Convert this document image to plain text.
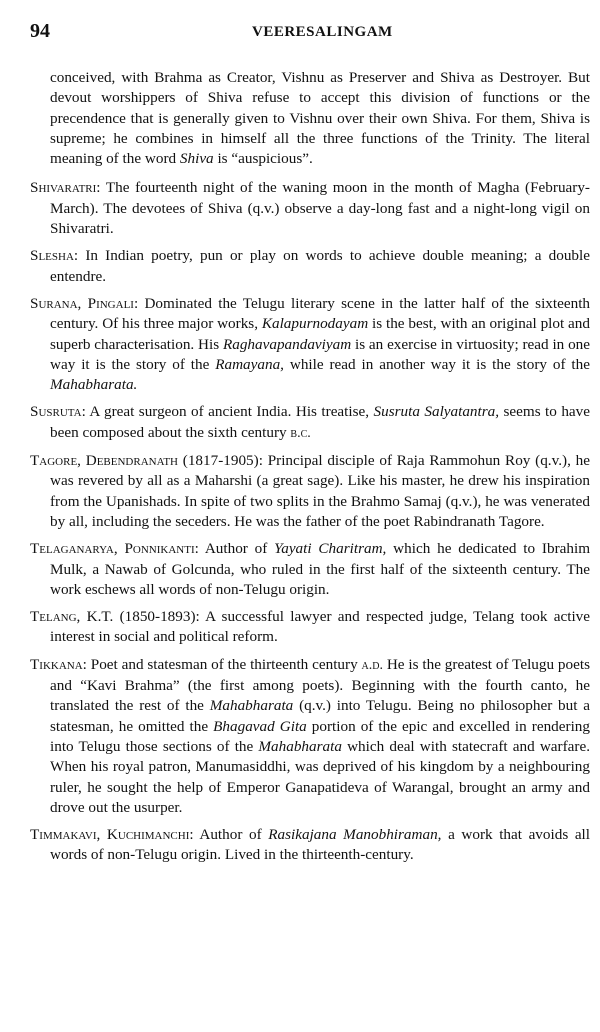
94	VEERESALINGAM

conceived, with Brahma as Creator, Vishnu as Preserver and Shiva as Destroyer. But devout worshippers of Shiva refuse to accept this division of functions or the precendence that is generally given to Vishnu over their own Shiva. For them, Shiva is supreme; he combines in himself all the three functions of the Trinity. The literal meaning of the word Shiva is “auspicious”.

Shivaratri: The fourteenth night of the waning moon in the month of Magha (February-March). The devotees of Shiva (q.v.) observe a day-long fast and a night-long vigil on Shivaratri.

Slesha: In Indian poetry, pun or play on words to achieve double meaning; a double entendre.

Surana, Pingali: Dominated the Telugu literary scene in the latter half of the sixteenth century. Of his three major works, Kalapurnodayam is the best, with an original plot and superb characterisation. His Raghavapandaviyam is an exercise in virtuosity; read in one way it is the story of the Ramayana, while read in another way it is the story of the Mahabharata.

Susruta: A great surgeon of ancient India. His treatise, Susruta Salyatantra, seems to have been composed about the sixth century b.c.

Tagore, Debendranath (1817-1905): Principal disciple of Raja Rammohun Roy (q.v.), he was revered by all as a Maharshi (a great sage). Like his master, he drew his inspiration from the Upanishads. In spite of two splits in the Brahmo Samaj (q.v.), he was venerated by all, including the seceders. He was the father of the poet Rabindranath Tagore.

Telaganarya, Ponnikanti: Author of Yayati Charitram, which he dedicated to Ibrahim Mulk, a Nawab of Golcunda, who ruled in the first half of the sixteenth century. The work eschews all words of non-Telugu origin.

Telang, K.T. (1850-1893): A successful lawyer and respected judge, Telang took active interest in social and political reform.

Tikkana: Poet and statesman of the thirteenth century a.d. He is the greatest of Telugu poets and “Kavi Brahma” (the first among poets). Beginning with the fourth canto, he translated the rest of the Mahabharata (q.v.) into Telugu. Being no philosopher but a statesman, he omitted the Bhagavad Gita portion of the epic and excelled in rendering into Telugu those sections of the Mahabharata which deal with statecraft and warfare. When his royal patron, Manumasiddhi, was deprived of his kingdom by a neighbouring ruler, he sought the help of Emperor Ganapatideva of Warangal, brought an army and drove out the usurper.

Timmakavi, Kuchimanchi: Author of Rasikajana Manobhiraman, a work that avoids all words of non-Telugu origin. Lived in the thirteenth-century.
